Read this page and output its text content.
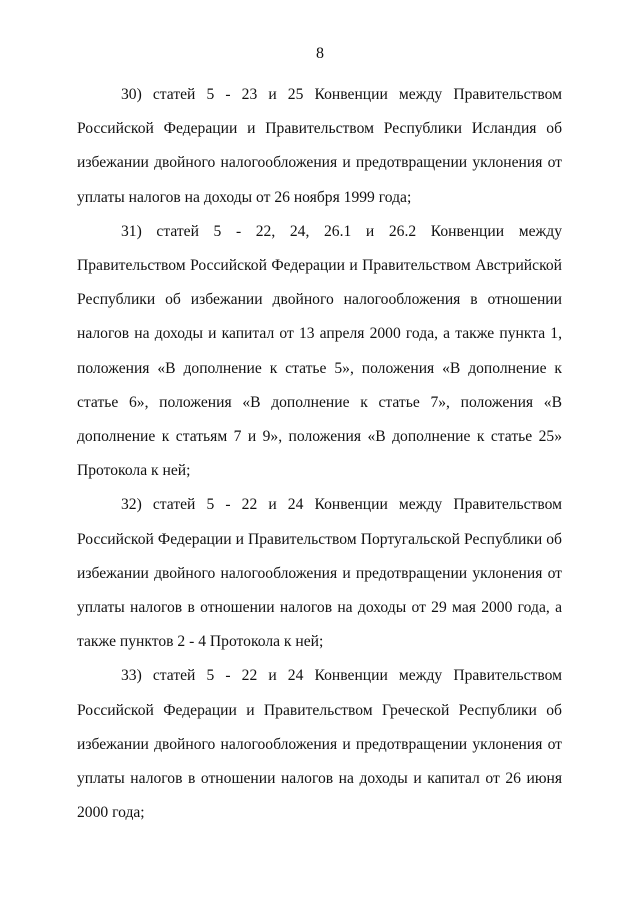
8

30) статей 5 - 23 и 25 Конвенции между Правительством Российской Федерации и Правительством Республики Исландия об избежании двойного налогообложения и предотвращении уклонения от уплаты налогов на доходы от 26 ноября 1999 года;

31) статей 5 - 22, 24, 26.1 и 26.2 Конвенции между Правительством Российской Федерации и Правительством Австрийской Республики об избежании двойного налогообложения в отношении налогов на доходы и капитал от 13 апреля 2000 года, а также пункта 1, положения «В дополнение к статье 5», положения «В дополнение к статье 6», положения «В дополнение к статье 7», положения «В дополнение к статьям 7 и 9», положения «В дополнение к статье 25» Протокола к ней;

32) статей 5 - 22 и 24 Конвенции между Правительством Российской Федерации и Правительством Португальской Республики об избежании двойного налогообложения и предотвращении уклонения от уплаты налогов в отношении налогов на доходы от 29 мая 2000 года, а также пунктов 2 - 4 Протокола к ней;

33) статей 5 - 22 и 24 Конвенции между Правительством Российской Федерации и Правительством Греческой Республики об избежании двойного налогообложения и предотвращении уклонения от уплаты налогов в отношении налогов на доходы и капитал от 26 июня 2000 года;
